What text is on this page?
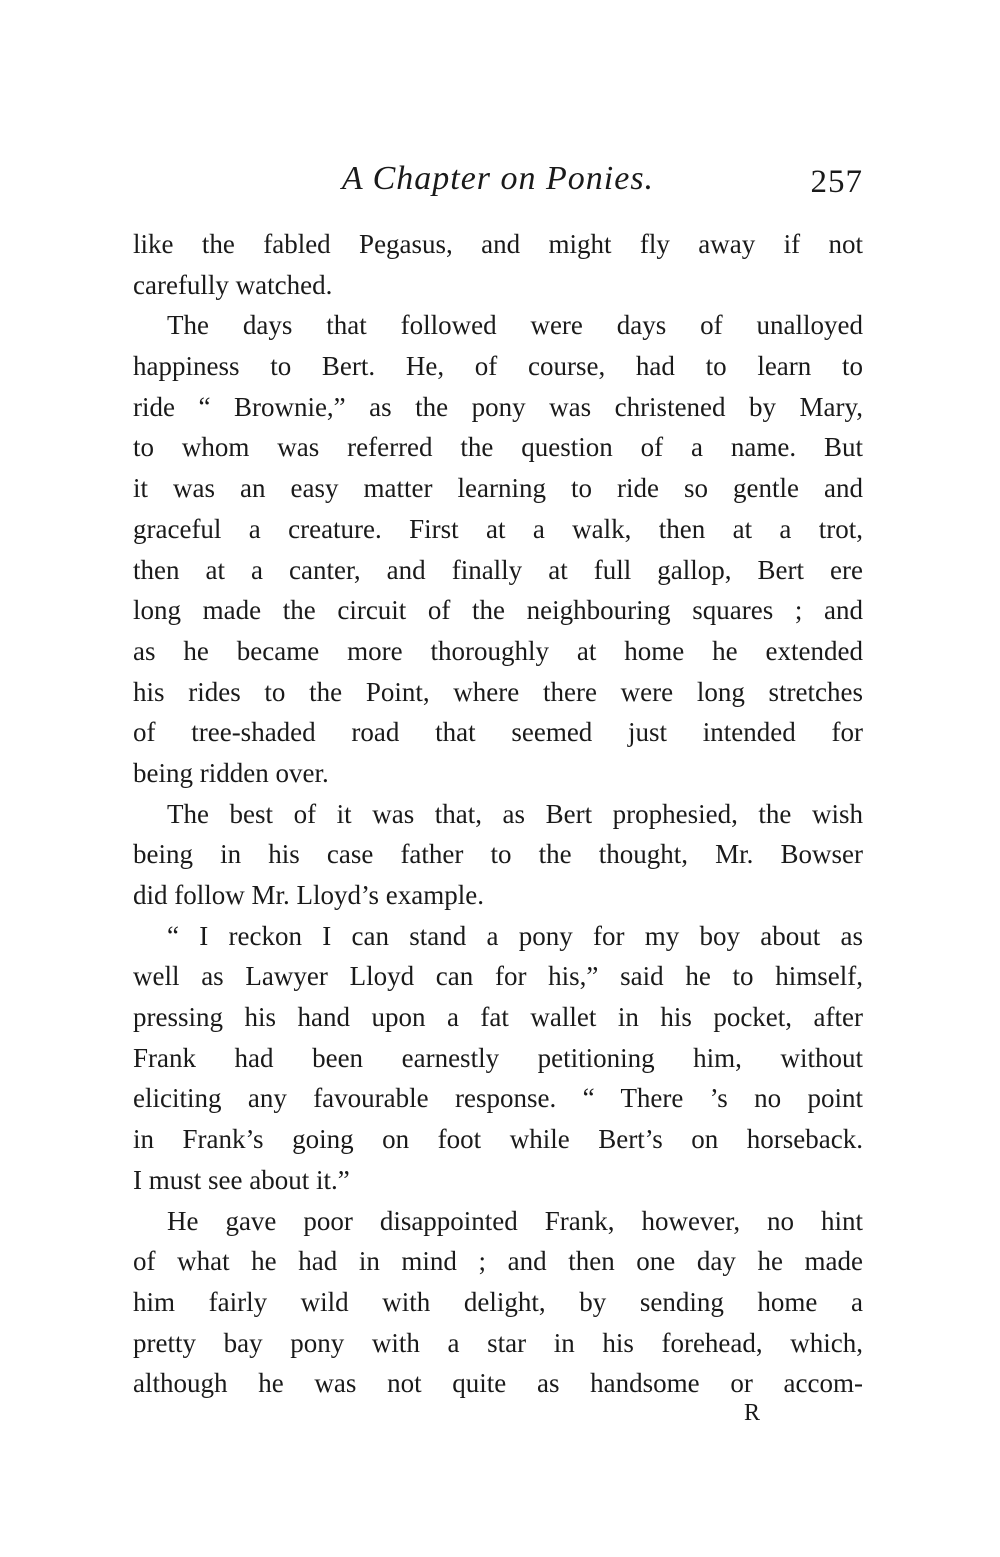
A Chapter on Ponies.	257
like the fabled Pegasus, and might fly away if not
carefully watched.
The days that followed were days of unalloyed
happiness to Bert. He, of course, had to learn to
ride “ Brownie,” as the pony was christened by Mary,
to whom was referred the question of a name. But
it was an easy matter learning to ride so gentle and
graceful a creature. First at a walk, then at a trot,
then at a canter, and finally at full gallop, Bert ere
long made the circuit of the neighbouring squares ; and
as he became more thoroughly at home he extended
his rides to the Point, where there were long stretches
of tree-shaded road that seemed just intended for
being ridden over.
The best of it was that, as Bert prophesied, the wish
being in his case father to the thought, Mr. Bowser
did follow Mr. Lloyd’s example.
“ I reckon I can stand a pony for my boy about as
well as Lawyer Lloyd can for his,” said he to himself,
pressing his hand upon a fat wallet in his pocket, after
Frank had been earnestly petitioning him, without
eliciting any favourable response. “ There ’s no point
in Frank’s going on foot while Bert’s on horseback.
I must see about it.”
He gave poor disappointed Frank, however, no hint
of what he had in mind ; and then one day he made
him fairly wild with delight, by sending home a
pretty bay pony with a star in his forehead, which,
although he was not quite as handsome or accom-
R
